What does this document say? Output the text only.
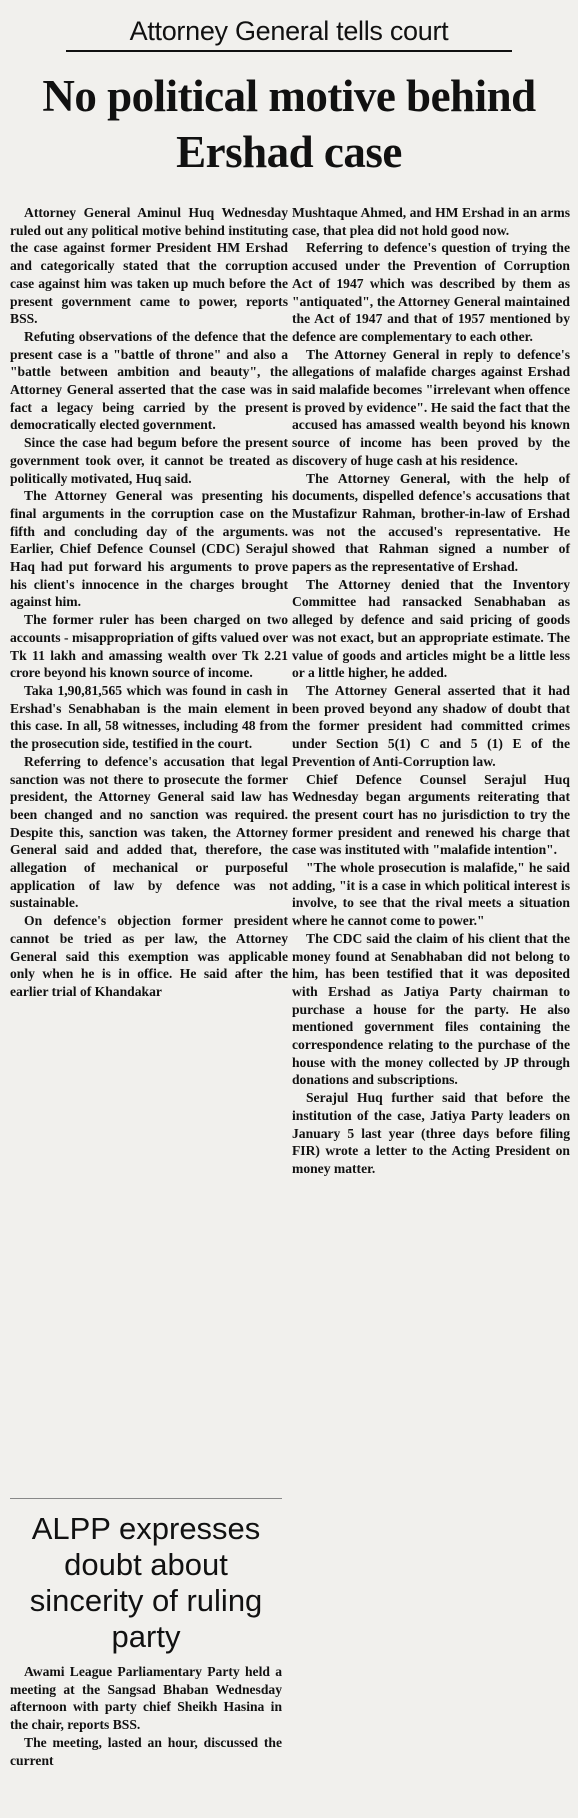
Attorney General tells court
No political motive behind Ershad case

Attorney General Aminul Huq Wednesday ruled out any political motive behind instituting the case against former President HM Ershad and categorically stated that the corruption case against him was taken up much before the present government came to power, reports BSS.

Refuting observations of the defence that the present case is a "battle of throne" and also a "battle between ambition and beauty", the Attorney General asserted that the case was in fact a legacy being carried by the present democratically elected government.

Since the case had begum before the present government took over, it cannot be treated as politically motivated, Huq said.

The Attorney General was presenting his final arguments in the corruption case on the fifth and concluding day of the arguments. Earlier, Chief Defence Counsel (CDC) Serajul Haq had put forward his arguments to prove his client's innocence in the charges brought against him.

The former ruler has been charged on two accounts - misappropriation of gifts valued over Tk 11 lakh and amassing wealth over Tk 2.21 crore beyond his known source of income.

Taka 1,90,81,565 which was found in cash in Ershad's Senabhaban is the main element in this case. In all, 58 witnesses, including 48 from the prosecution side, testified in the court.

Referring to defence's accusation that legal sanction was not there to prosecute the former president, the Attorney General said law has been changed and no sanction was required. Despite this, sanction was taken, the Attorney General said and added that, therefore, the allegation of mechanical or purposeful application of law by defence was not sustainable.

On defence's objection former president cannot be tried as per law, the Attorney General said this exemption was applicable only when he is in office. He said after the earlier trial of Khandakar

Mushtaque Ahmed, and HM Ershad in an arms case, that plea did not hold good now.

Referring to defence's question of trying the accused under the Prevention of Corruption Act of 1947 which was described by them as "antiquated", the Attorney General maintained the Act of 1947 and that of 1957 mentioned by defence are complementary to each other.

The Attorney General in reply to defence's allegations of malafide charges against Ershad said malafide becomes "irrelevant when offence is proved by evidence". He said the fact that the accused has amassed wealth beyond his known source of income has been proved by the discovery of huge cash at his residence.

The Attorney General, with the help of documents, dispelled defence's accusations that Mustafizur Rahman, brother-in-law of Ershad was not the accused's representative. He showed that Rahman signed a number of papers as the representative of Ershad.

The Attorney denied that the Inventory Committee had ransacked Senabhaban as alleged by defence and said pricing of goods was not exact, but an appropriate estimate. The value of goods and articles might be a little less or a little higher, he added.

The Attorney General asserted that it had been proved beyond any shadow of doubt that the former president had committed crimes under Section 5(1) C and 5 (1) E of the Prevention of Anti-Corruption law.

Chief Defence Counsel Serajul Huq Wednesday began arguments reiterating that the present court has no jurisdiction to try the former president and renewed his charge that case was instituted with "malafide intention".

"The whole prosecution is malafide," he said adding, "it is a case in which political interest is involve, to see that the rival meets a situation where he cannot come to power."

The CDC said the claim of his client that the money found at Senabhaban did not belong to him, has been testified that it was deposited with Ershad as Jatiya Party chairman to purchase a house for the party. He also mentioned government files containing the correspondence relating to the purchase of the house with the money collected by JP through donations and subscriptions.

Serajul Huq further said that before the institution of the case, Jatiya Party leaders on January 5 last year (three days before filing FIR) wrote a letter to the Acting President on money matter.

ALPP expresses doubt about sincerity of ruling party

Awami League Parliamentary Party held a meeting at the Sangsad Bhaban Wednesday afternoon with party chief Sheikh Hasina in the chair, reports BSS.

The meeting, lasted an hour, discussed the current
